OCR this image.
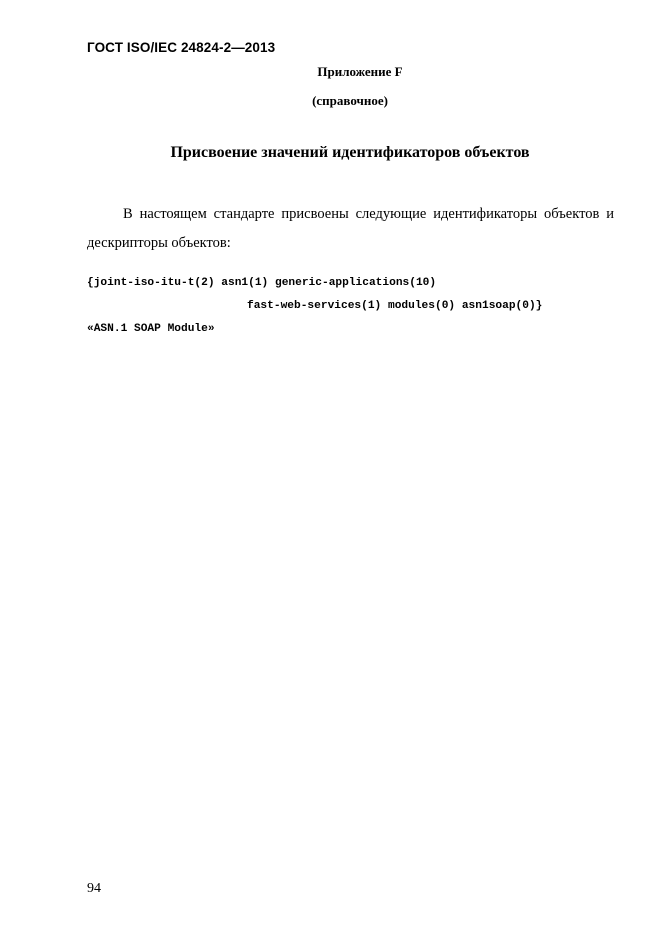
ГОСТ ISO/IEC 24824-2—2013
Приложение F
(справочное)
Присвоение значений идентификаторов объектов

В настоящем стандарте присвоены следующие идентификаторы объектов и дескрипторы объектов:

{joint-iso-itu-t(2) asn1(1) generic-applications(10)
fast-web-services(1) modules(0) asn1soap(0)}
«ASN.1 SOAP Module»
94
